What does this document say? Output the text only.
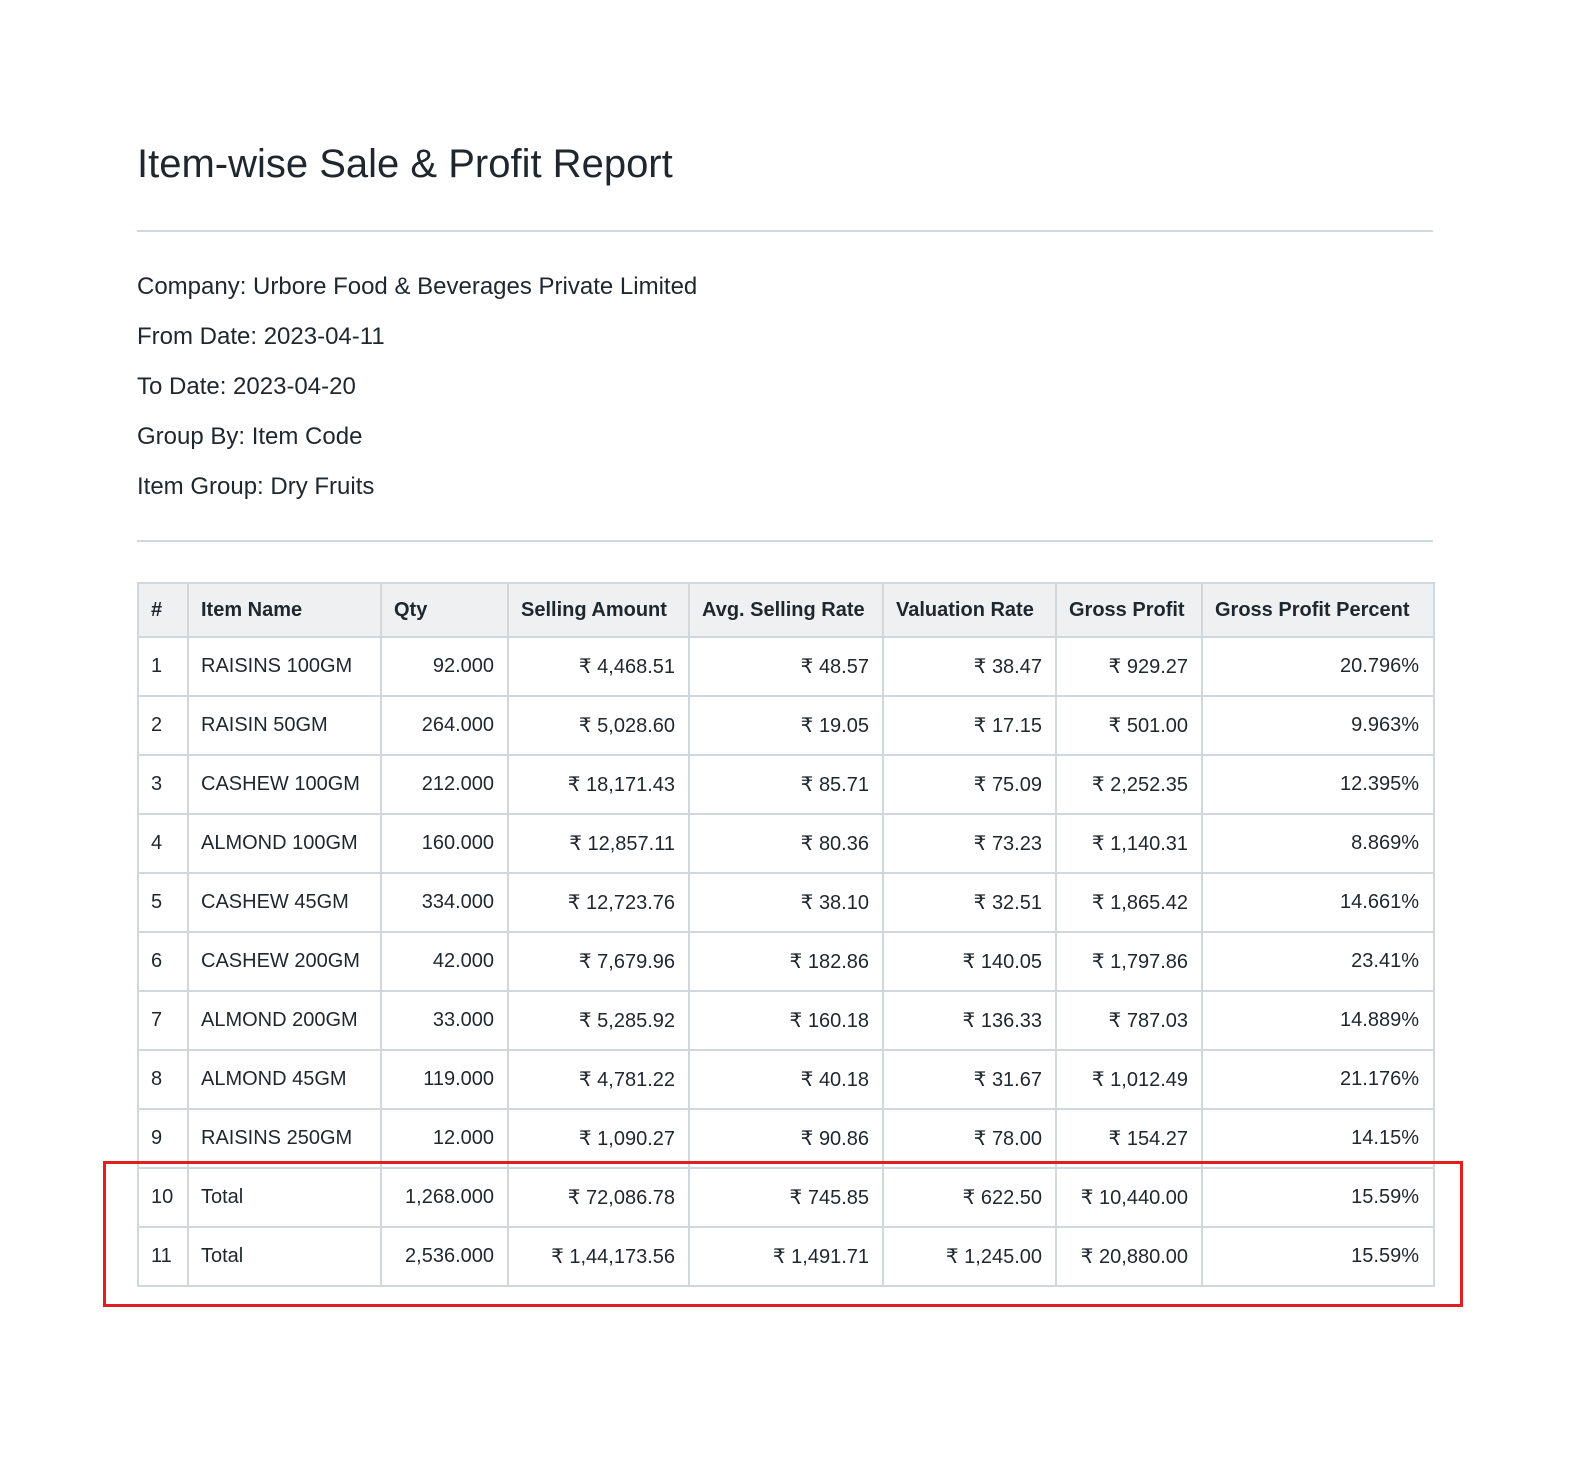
Item-wise Sale & Profit Report
Company: Urbore Food & Beverages Private Limited
From Date: 2023-04-11
To Date: 2023-04-20
Group By: Item Code
Item Group: Dry Fruits
#	Item Name	Qty	Selling Amount	Avg. Selling Rate	Valuation Rate	Gross Profit	Gross Profit Percent
1	RAISINS 100GM	92.000	₹ 4,468.51	₹ 48.57	₹ 38.47	₹ 929.27	20.796%
2	RAISIN 50GM	264.000	₹ 5,028.60	₹ 19.05	₹ 17.15	₹ 501.00	9.963%
3	CASHEW 100GM	212.000	₹ 18,171.43	₹ 85.71	₹ 75.09	₹ 2,252.35	12.395%
4	ALMOND 100GM	160.000	₹ 12,857.11	₹ 80.36	₹ 73.23	₹ 1,140.31	8.869%
5	CASHEW 45GM	334.000	₹ 12,723.76	₹ 38.10	₹ 32.51	₹ 1,865.42	14.661%
6	CASHEW 200GM	42.000	₹ 7,679.96	₹ 182.86	₹ 140.05	₹ 1,797.86	23.41%
7	ALMOND 200GM	33.000	₹ 5,285.92	₹ 160.18	₹ 136.33	₹ 787.03	14.889%
8	ALMOND 45GM	119.000	₹ 4,781.22	₹ 40.18	₹ 31.67	₹ 1,012.49	21.176%
9	RAISINS 250GM	12.000	₹ 1,090.27	₹ 90.86	₹ 78.00	₹ 154.27	14.15%
10	Total	1,268.000	₹ 72,086.78	₹ 745.85	₹ 622.50	₹ 10,440.00	15.59%
11	Total	2,536.000	₹ 1,44,173.56	₹ 1,491.71	₹ 1,245.00	₹ 20,880.00	15.59%
